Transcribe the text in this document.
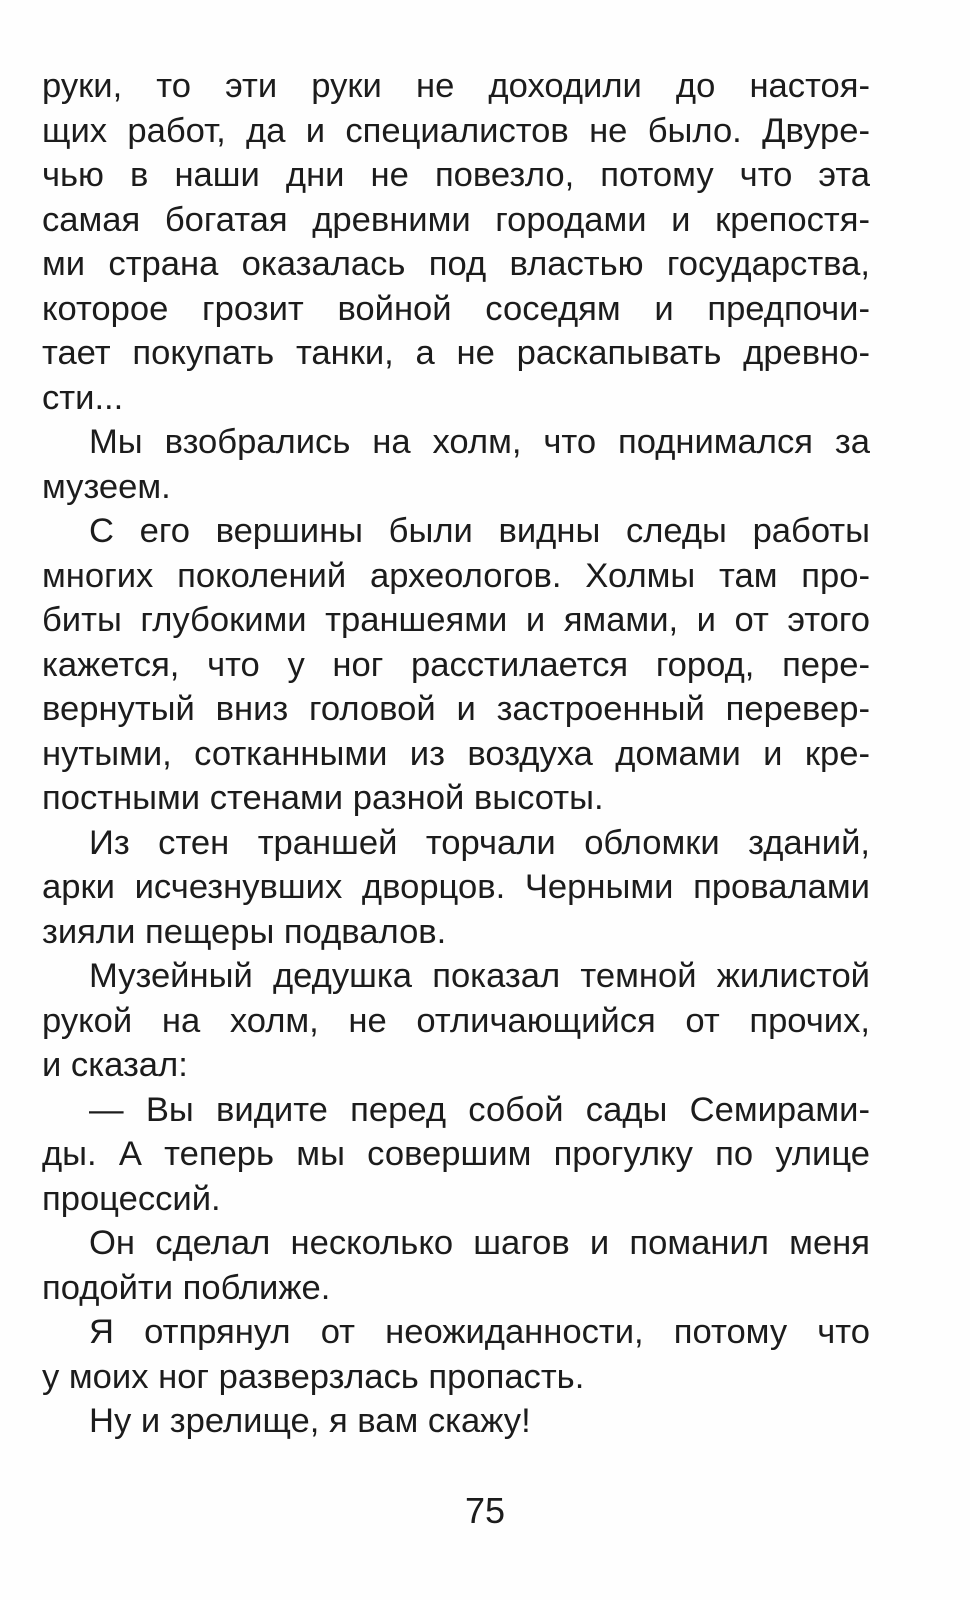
руки, то эти руки не доходили до настоя-
щих работ, да и специалистов не было. Двуре-
чью в наши дни не повезло, потому что эта
самая богатая древними городами и крепостя-
ми страна оказалась под властью государства,
которое грозит войной соседям и предпочи-
тает покупать танки, а не раскапывать древно-
сти...

Мы взобрались на холм, что поднимался за
музеем.

С его вершины были видны следы работы
многих поколений археологов. Холмы там про-
биты глубокими траншеями и ямами, и от этого
кажется, что у ног расстилается город, пере-
вернутый вниз головой и застроенный перевер-
нутыми, сотканными из воздуха домами и кре-
постными стенами разной высоты.

Из стен траншей торчали обломки зданий,
арки исчезнувших дворцов. Черными провалами
зияли пещеры подвалов.

Музейный дедушка показал темной жилистой
рукой на холм, не отличающийся от прочих,
и сказал:

— Вы видите перед собой сады Семирами-
ды. А теперь мы совершим прогулку по улице
процессий.

Он сделал несколько шагов и поманил меня
подойти поближе.

Я отпрянул от неожиданности, потому что
у моих ног разверзлась пропасть.

Ну и зрелище, я вам скажу!

75
